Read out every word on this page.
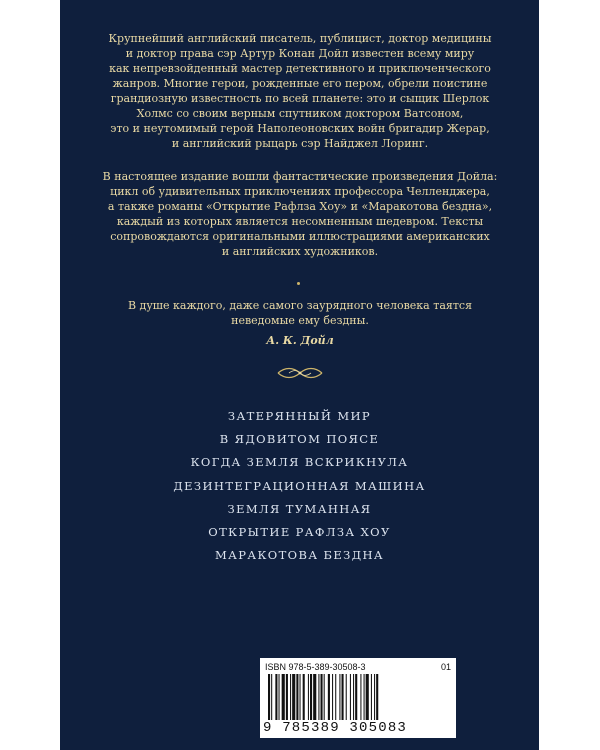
Крупнейший английский писатель, публицист, доктор медицины
и доктор права сэр Артур Конан Дойл известен всему миру
как непревзойденный мастер детективного и приключенческого
жанров. Многие герои, рожденные его пером, обрели поистине
грандиозную известность по всей планете: это и сыщик Шерлок
Холмс со своим верным спутником доктором Ватсоном,
это и неутомимый герой Наполеоновских войн бригадир Жерар,
и английский рыцарь сэр Найджел Лоринг.

В настоящее издание вошли фантастические произведения Дойла:
цикл об удивительных приключениях профессора Челленджера,
а также романы «Открытие Рафлза Хоу» и «Маракотова бездна»,
каждый из которых является несомненным шедевром. Тексты
сопровождаются оригинальными иллюстрациями американских
и английских художников.

В душе каждого, даже самого заурядного человека таятся
неведомые ему бездны.

А. К. Дойл
ЗАТЕРЯННЫЙ МИР
В ЯДОВИТОМ ПОЯСЕ
КОГДА ЗЕМЛЯ ВСКРИКНУЛА
ДЕЗИНТЕГРАЦИОННАЯ МАШИНА
ЗЕМЛЯ ТУМАННАЯ
ОТКРЫТИЕ РАФЛЗА ХОУ
МАРАКОТОВА БЕЗДНА
ISBN 978-5-389-30508-3	01
9 785389 305083
